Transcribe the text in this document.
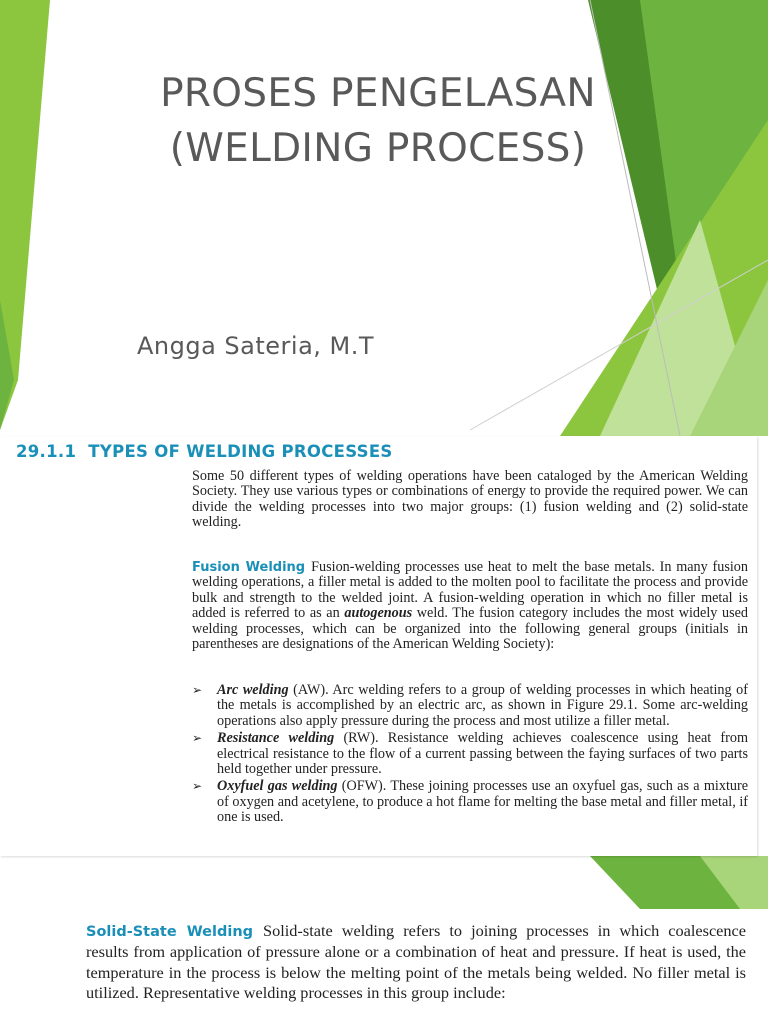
PROSES PENGELASAN
(WELDING PROCESS)
Angga Sateria, M.T
29.1.1 TYPES OF WELDING PROCESSES

Some 50 different types of welding operations have been cataloged by the American Welding Society. They use various types or combinations of energy to provide the required power. We can divide the welding processes into two major groups: (1) fusion welding and (2) solid-state welding.

Fusion Welding Fusion-welding processes use heat to melt the base metals. In many fusion welding operations, a filler metal is added to the molten pool to facilitate the process and provide bulk and strength to the welded joint. A fusion-welding operation in which no filler metal is added is referred to as an autogenous weld. The fusion category includes the most widely used welding processes, which can be organized into the following general groups (initials in parentheses are designations of the American Welding Society):

➢ Arc welding (AW). Arc welding refers to a group of welding processes in which heating of the metals is accomplished by an electric arc, as shown in Figure 29.1. Some arc-welding operations also apply pressure during the process and most utilize a filler metal.
➢ Resistance welding (RW). Resistance welding achieves coalescence using heat from electrical resistance to the flow of a current passing between the faying surfaces of two parts held together under pressure.
➢ Oxyfuel gas welding (OFW). These joining processes use an oxyfuel gas, such as a mixture of oxygen and acetylene, to produce a hot flame for melting the base metal and filler metal, if one is used.

Solid-State Welding Solid-state welding refers to joining processes in which coalescence results from application of pressure alone or a combination of heat and pressure. If heat is used, the temperature in the process is below the melting point of the metals being welded. No filler metal is utilized. Representative welding processes in this group include:
